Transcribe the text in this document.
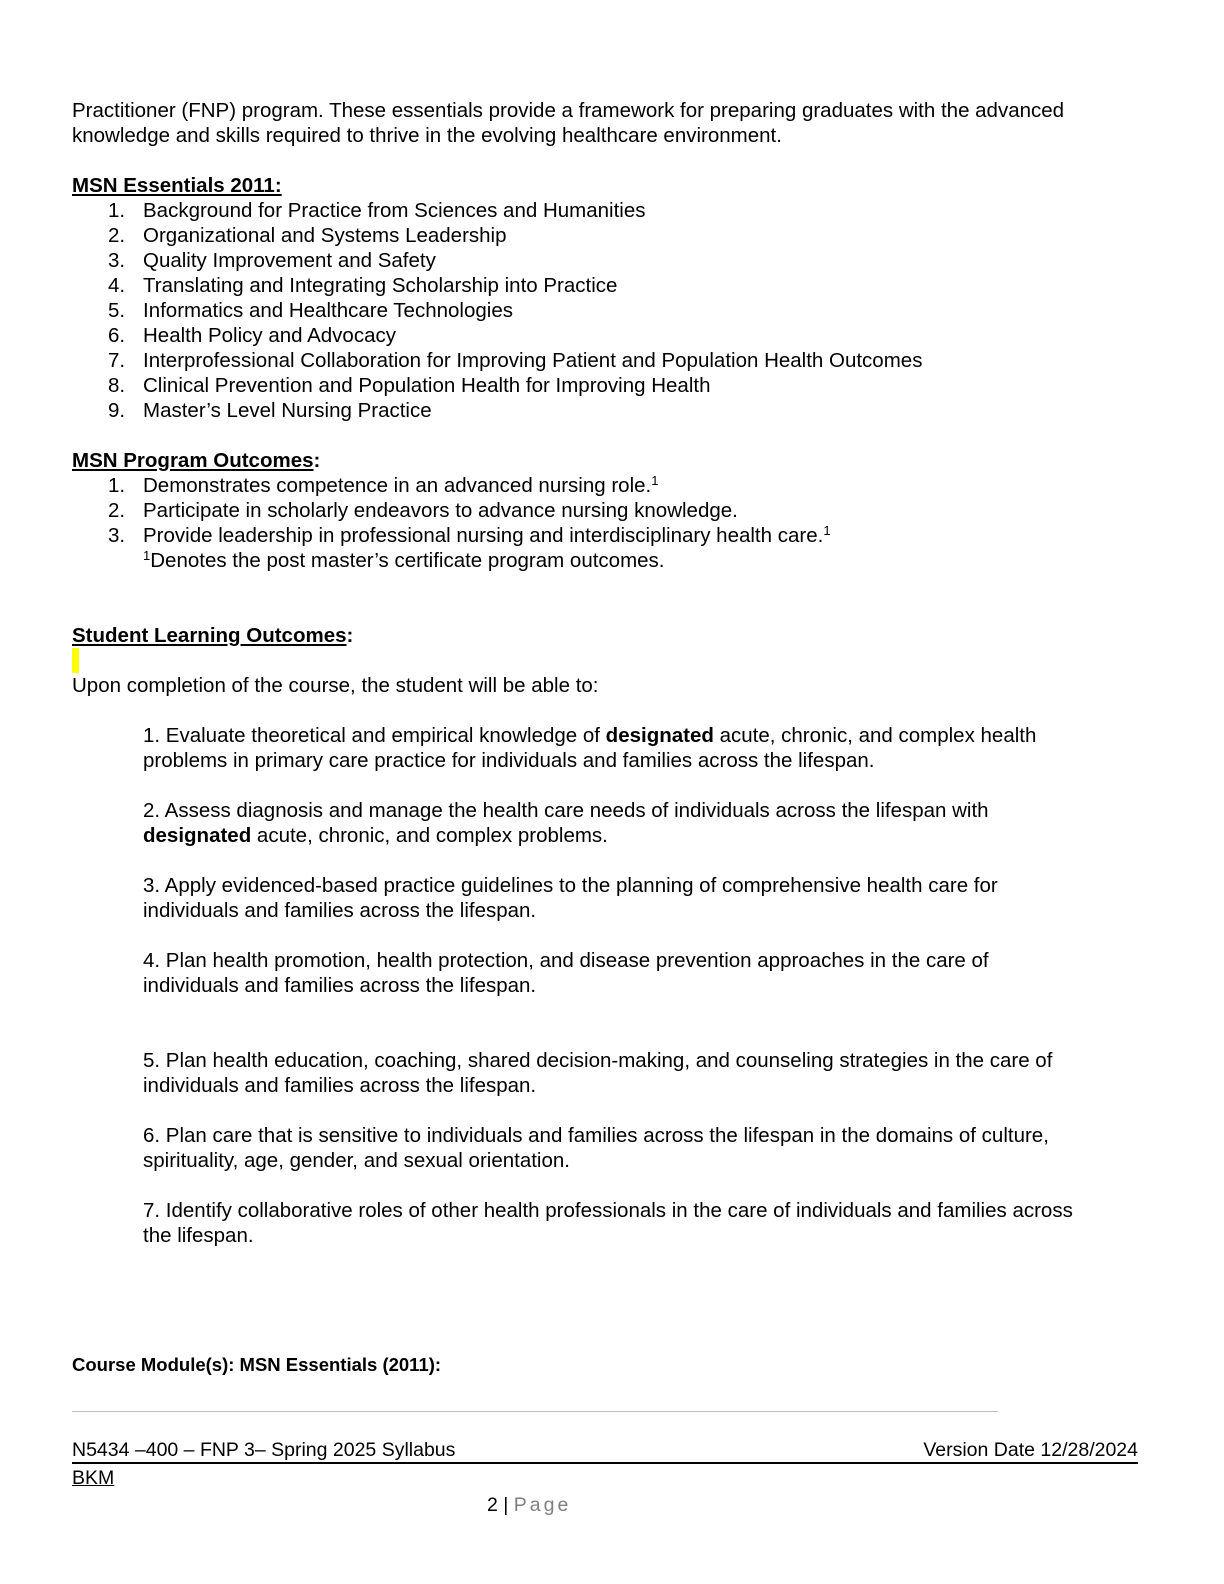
Practitioner (FNP) program. These essentials provide a framework for preparing graduates with the advanced

knowledge and skills required to thrive in the evolving healthcare environment.

MSN Essentials 2011:

1. Background for Practice from Sciences and Humanities
2. Organizational and Systems Leadership
3. Quality Improvement and Safety
4. Translating and Integrating Scholarship into Practice
5. Informatics and Healthcare Technologies
6. Health Policy and Advocacy
7. Interprofessional Collaboration for Improving Patient and Population Health Outcomes
8. Clinical Prevention and Population Health for Improving Health
9. Master’s Level Nursing Practice

MSN Program Outcomes:

1. Demonstrates competence in an advanced nursing role.$^1$
2. Participate in scholarly endeavors to advance nursing knowledge.
3. Provide leadership in professional nursing and interdisciplinary health care.$^1$

$^1$Denotes the post master’s certificate program outcomes.

Student Learning Outcomes:

Upon completion of the course, the student will be able to:

1. Evaluate theoretical and empirical knowledge of designated acute, chronic, and complex health
problems in primary care practice for individuals and families across the lifespan.
2. Assess diagnosis and manage the health care needs of individuals across the lifespan with
designated acute, chronic, and complex problems.
3. Apply evidenced-based practice guidelines to the planning of comprehensive health care for
individuals and families across the lifespan.
4. Plan health promotion, health protection, and disease prevention approaches in the care of
individuals and families across the lifespan.
5. Plan health education, coaching, shared decision-making, and counseling strategies in the care of
individuals and families across the lifespan.
6. Plan care that is sensitive to individuals and families across the lifespan in the domains of culture,
spirituality, age, gender, and sexual orientation.
7. Identify collaborative roles of other health professionals in the care of individuals and families across
the lifespan.

Course Module(s): MSN Essentials (2011):

N5434 –400 – FNP 3– Spring 2025 Syllabus	Version Date 12/28/2024
BKM
2 | Page
